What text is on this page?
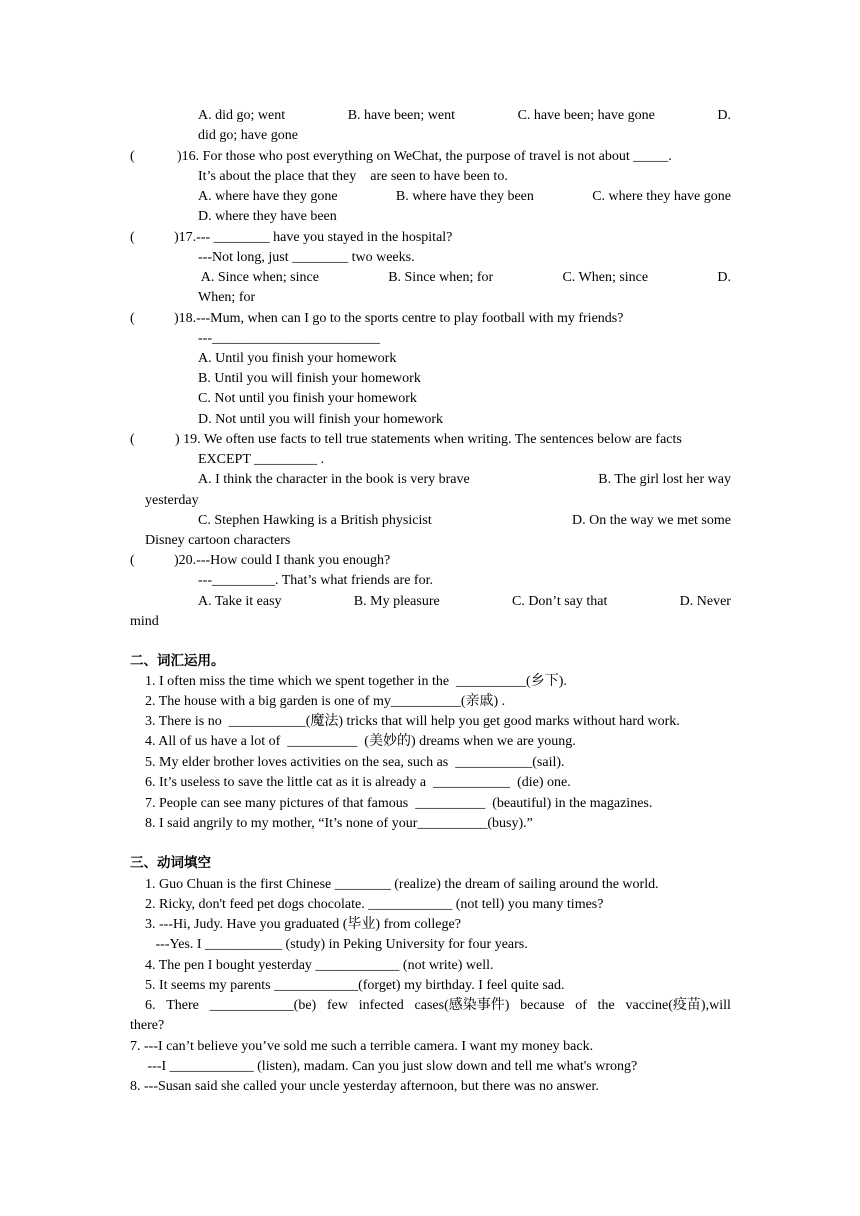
A. did go; went	B. have been; went	C. have been; have gone	D.
did go; have gone
(	)16. For those who post everything on WeChat, the purpose of travel is not about _____.
It’s about the place that they    are seen to have been to.
A. where have they gone	B. where have they been	C. where they have gone
D. where they have been
(	)17.--- ________ have you stayed in the hospital?
---Not long, just ________ two weeks.
A. Since when; since	B. Since when; for	C. When; since	D.
When; for
(	)18.---Mum, when can I go to the sports centre to play football with my friends?
---________________________
A. Until you finish your homework
B. Until you will finish your homework
C. Not until you finish your homework
D. Not until you will finish your homework
(	) 19. We often use facts to tell true statements when writing. The sentences below are facts
EXCEPT _________ .
A. I think the character in the book is very brave	B. The girl lost her way
yesterday
C. Stephen Hawking is a British physicist	D. On the way we met some
Disney cartoon characters
(	)20.---How could I thank you enough?
---_________. That’s what friends are for.
A. Take it easy	B. My pleasure	C. Don’t say that	D. Never
mind
二、词汇运用。
1. I often miss the time which we spent together in the  __________(乡下).
2. The house with a big garden is one of my__________(亲戚) .
3. There is no  ___________(魔法) tricks that will help you get good marks without hard work.
4. All of us have a lot of  __________  (美妙的) dreams when we are young.
5. My elder brother loves activities on the sea, such as  ___________(sail).
6. It’s useless to save the little cat as it is already a  ___________  (die) one.
7. People can see many pictures of that famous  __________  (beautiful) in the magazines.
8. I said angrily to my mother, “It’s none of your__________(busy).”
三、动词填空
1. Guo Chuan is the first Chinese ________ (realize) the dream of sailing around the world.
2. Ricky, don't feed pet dogs chocolate. ____________ (not tell) you many times?
3. ---Hi, Judy. Have you graduated (毕业) from college?
---Yes. I ___________ (study) in Peking University for four years.
4. The pen I bought yesterday ____________ (not write) well.
5. It seems my parents ____________(forget) my birthday. I feel quite sad.
6. There ____________(be) few infected cases(感染事件) because of the vaccine(疫苗),will
there?
7. ---I can’t believe you’ve sold me such a terrible camera. I want my money back.
---I ____________ (listen), madam. Can you just slow down and tell me what's wrong?
8. ---Susan said she called your uncle yesterday afternoon, but there was no answer.
